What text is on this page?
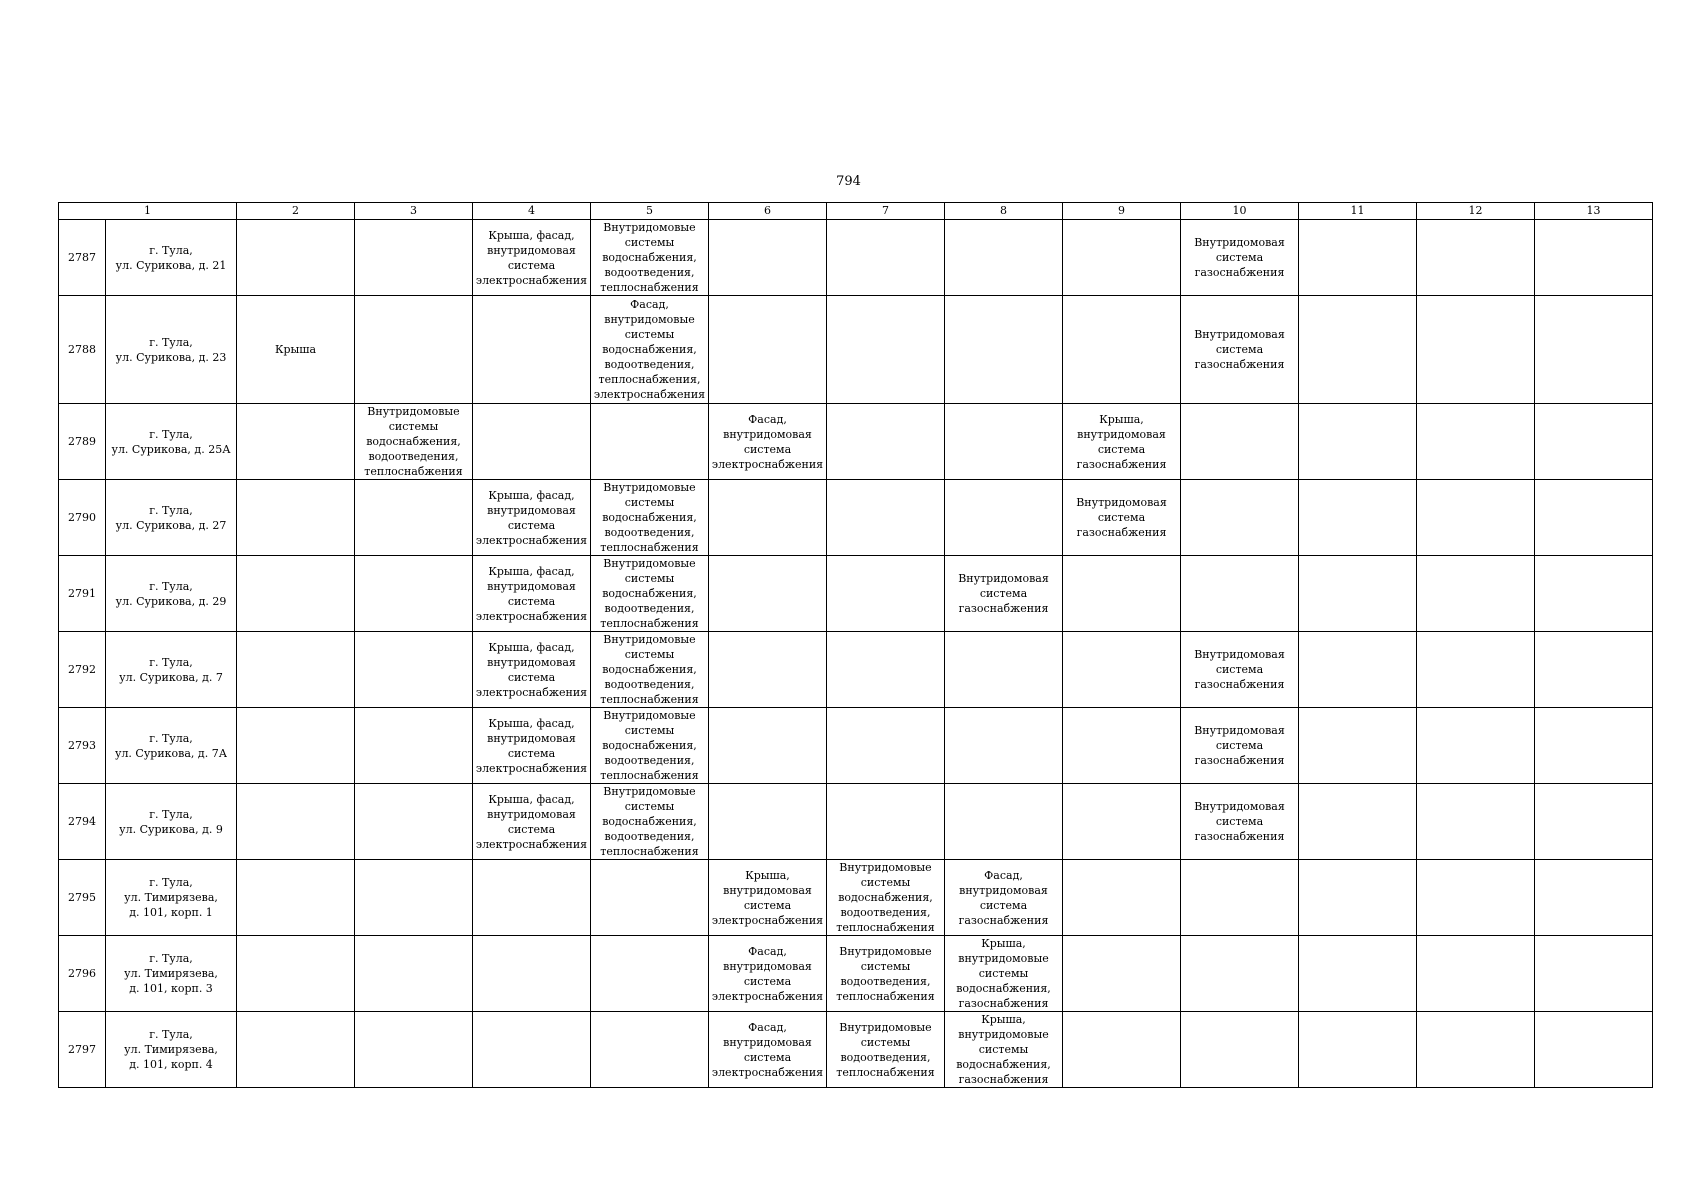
794
1		2	3	4	5	6	7	8	9	10	11	12	13
2787	г. Тула,
ул. Сурикова, д. 21			Крыша, фасад, внутридомовая система электроснабжения	Внутридомовые системы водоснабжения, водоотведения, теплоснабжения					Внутридомовая система газоснабжения			
2788	г. Тула,
ул. Сурикова, д. 23	Крыша			Фасад, внутридомовые системы водоснабжения, водоотведения, теплоснабжения, электроснабжения					Внутридомовая система газоснабжения			
2789	г. Тула,
ул. Сурикова, д. 25А		Внутридомовые системы водоснабжения, водоотведения, теплоснабжения			Фасад, внутридомовая система электроснабжения			Крыша, внутридомовая система газоснабжения				
2790	г. Тула,
ул. Сурикова, д. 27			Крыша, фасад, внутридомовая система электроснабжения	Внутридомовые системы водоснабжения, водоотведения, теплоснабжения				Внутридомовая система газоснабжения				
2791	г. Тула,
ул. Сурикова, д. 29			Крыша, фасад, внутридомовая система электроснабжения	Внутридомовые системы водоснабжения, водоотведения, теплоснабжения			Внутридомовая система газоснабжения					
2792	г. Тула,
ул. Сурикова, д. 7			Крыша, фасад, внутридомовая система электроснабжения	Внутридомовые системы водоснабжения, водоотведения, теплоснабжения					Внутридомовая система газоснабжения			
2793	г. Тула,
ул. Сурикова, д. 7А			Крыша, фасад, внутридомовая система электроснабжения	Внутридомовые системы водоснабжения, водоотведения, теплоснабжения					Внутридомовая система газоснабжения			
2794	г. Тула,
ул. Сурикова, д. 9			Крыша, фасад, внутридомовая система электроснабжения	Внутридомовые системы водоснабжения, водоотведения, теплоснабжения					Внутридомовая система газоснабжения			
2795	г. Тула,
ул. Тимирязева,
д. 101, корп. 1					Крыша, внутридомовая система электроснабжения	Внутридомовые системы водоснабжения, водоотведения, теплоснабжения	Фасад, внутридомовая система газоснабжения					
2796	г. Тула,
ул. Тимирязева,
д. 101, корп. 3					Фасад, внутридомовая система электроснабжения	Внутридомовые системы водоотведения, теплоснабжения	Крыша, внутридомовые системы водоснабжения, газоснабжения					
2797	г. Тула,
ул. Тимирязева,
д. 101, корп. 4					Фасад, внутридомовая система электроснабжения	Внутридомовые системы водоотведения, теплоснабжения	Крыша, внутридомовые системы водоснабжения, газоснабжения					
